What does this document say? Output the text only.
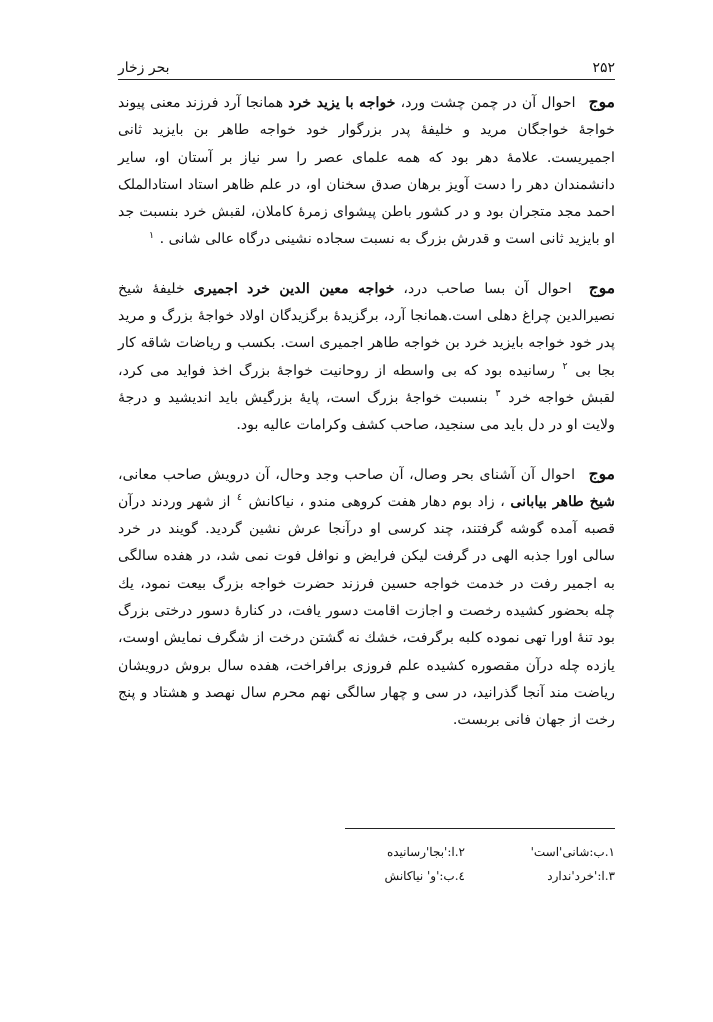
۲۵۲
بحر زخار

موج احوال آن در چمن چشت ورد، خواجه با یزید خرد همانجا آرد فرزند معنی پیوند خواجهٔ خواجگان مرید و خلیفهٔ پدر بزرگوار خود خواجه طاهر بن بایزید ثانی اجمیریست. علامهٔ دهر بود که همه علمای عصر را سر نیاز بر آستان او، سایر دانشمندان دهر را دست آویز برهان صدق سخنان او، در علم ظاهر استاد استادالملک احمد مجد متجران بود و در کشور باطن پیشوای زمرهٔ کاملان، لقبش خرد بنسبت جد او بایزید ثانی است و قدرش بزرگ به نسبت سجاده نشینی درگاه عالی شانی . $^۱$

موج احوال آن بسا صاحب درد، خواجه معین الدین خرد اجمیری خلیفهٔ شیخ نصیرالدین چراغ دهلی است.همانجا آرد، برگزیدهٔ برگزیدگان اولاد خواجهٔ بزرگ و مرید پدر خود خواجه بایزید خرد بن خواجه طاهر اجمیری است. بکسب و ریاضات شاقه کار بجا بی $^۲$ رسانیده بود که بی واسطه از روحانیت خواجهٔ بزرگ اخذ فواید می کرد، لقبش خواجه خرد $^۳$ بنسبت خواجهٔ بزرگ است، پایهٔ بزرگیش باید اندیشید و درجهٔ ولایت او در دل باید می سنجید، صاحب کشف وکرامات عالیه بود.

موج احوال آن آشنای بحر وصال، آن صاحب وجد وحال، آن درویش صاحب معانی، شیخ طاهر بیابانی ، زاد بوم دهار هفت کروهی مندو ، نیاکانش $^٤$ از شهر وردند درآن قصبه آمده گوشه گرفتند، چند کرسی او درآنجا عرش نشین گردید. گویند در خرد سالی اورا جذبه الهی در گرفت لیکن فرایض و نوافل فوت نمی شد، در هفده سالگی به اجمیر رفت در خدمت خواجه حسین فرزند حضرت خواجه بزرگ بیعت نمود، یك چله بحضور کشیده رخصت و اجازت اقامت دسور یافت، در کنارهٔ دسور درختی بزرگ بود تنهٔ اورا تهی نموده کلبه برگرفت، خشك نه گشتن درخت از شگرف نمایش اوست، یازده چله درآن مقصوره کشیده علم فروزی برافراخت، هفده سال بروش درویشان ریاضت مند آنجا گذرانید، در سی و چهار سالگی نهم محرم سال نهصد و هشتاد و پنج رخت از جهان فانی بربست.

۱.ب:شانی'است'
۲.ا:'بجا'رسانیده
۳.ا:'خرد'ندارد
٤.ب:'و' نیاکانش
